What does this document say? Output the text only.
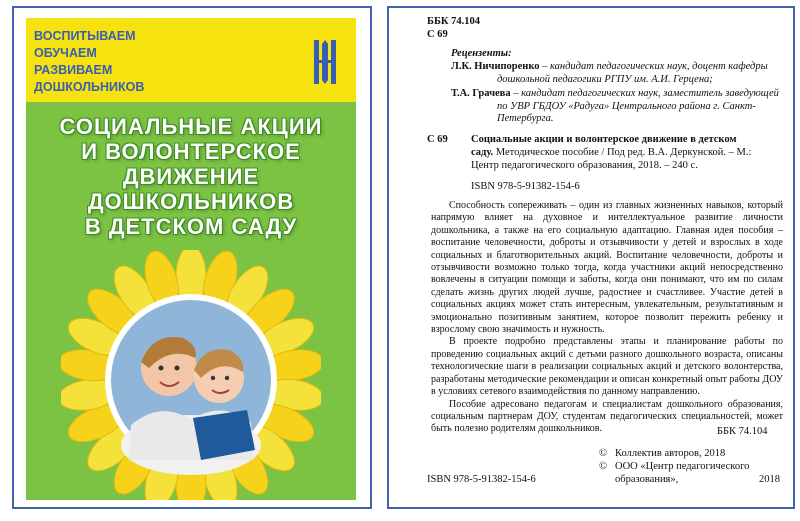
ВОСПИТЫВАЕМ
ОБУЧАЕМ
РАЗВИВАЕМ
ДОШКОЛЬНИКОВ
СОЦИАЛЬНЫЕ АКЦИИ
И ВОЛОНТЕРСКОЕ
ДВИЖЕНИЕ
ДОШКОЛЬНИКОВ
В ДЕТСКОМ САДУ
ББК 74.104
С 69
Рецензенты:
Л.К. Ничипоренко – кандидат педагогических наук, доцент кафедры
дошкольной педагогики РГПУ им. А.И. Герцена;
Т.А. Грачева – кандидат педагогических наук, заместитель заведующей
по УВР ГБДОУ «Радуга» Центрального района г. Санкт-Петербурга.
С 69 Социальные акции и волонтерское движение в детском
саду. Методическое пособие / Под ред. В.А. Деркунской. – М.:
Центр педагогического образования, 2018. – 240 с.
ISBN 978-5-91382-154-6

Способность сопереживать – один из главных жизненных навыков, который напрямую влияет на духовное и интеллектуальное развитие личности дошкольника, а также на его социальную адаптацию. Главная идея пособия – воспитание человечности, доброты и отзывчивости у детей и взрослых в ходе социальных и благотворительных акций. Воспитание человечности, доброты и отзывчивости возможно только тогда, когда участники акций непосредственно вовлечены в ситуации помощи и заботы, когда они понимают, что им по силам сделать жизнь других людей лучше, радостнее и счастливее. Участие детей в социальных акциях может стать интересным, увлекательным, результативным и эмоционально позитивным занятием, которое позволит пережить ребенку и взрослому свою значимость и нужность.

В проекте подробно представлены этапы и планирование работы по проведению социальных акций с детьми разного дошкольного возраста, описаны технологические шаги в реализации социальных акций и детского волонтерства, разработаны методические рекомендации и описан конкретный опыт работы ДОУ в условиях сетевого взаимодействия по данному направлению.

Пособие адресовано педагогам и специалистам дошкольного образования, социальным партнерам ДОУ, студентам педагогических специальностей, может быть полезно родителям дошкольников.	ББК 74.104
© Коллектив авторов, 2018
© ООО «Центр педагогического
образования»,	2018
ISBN 978-5-91382-154-6
